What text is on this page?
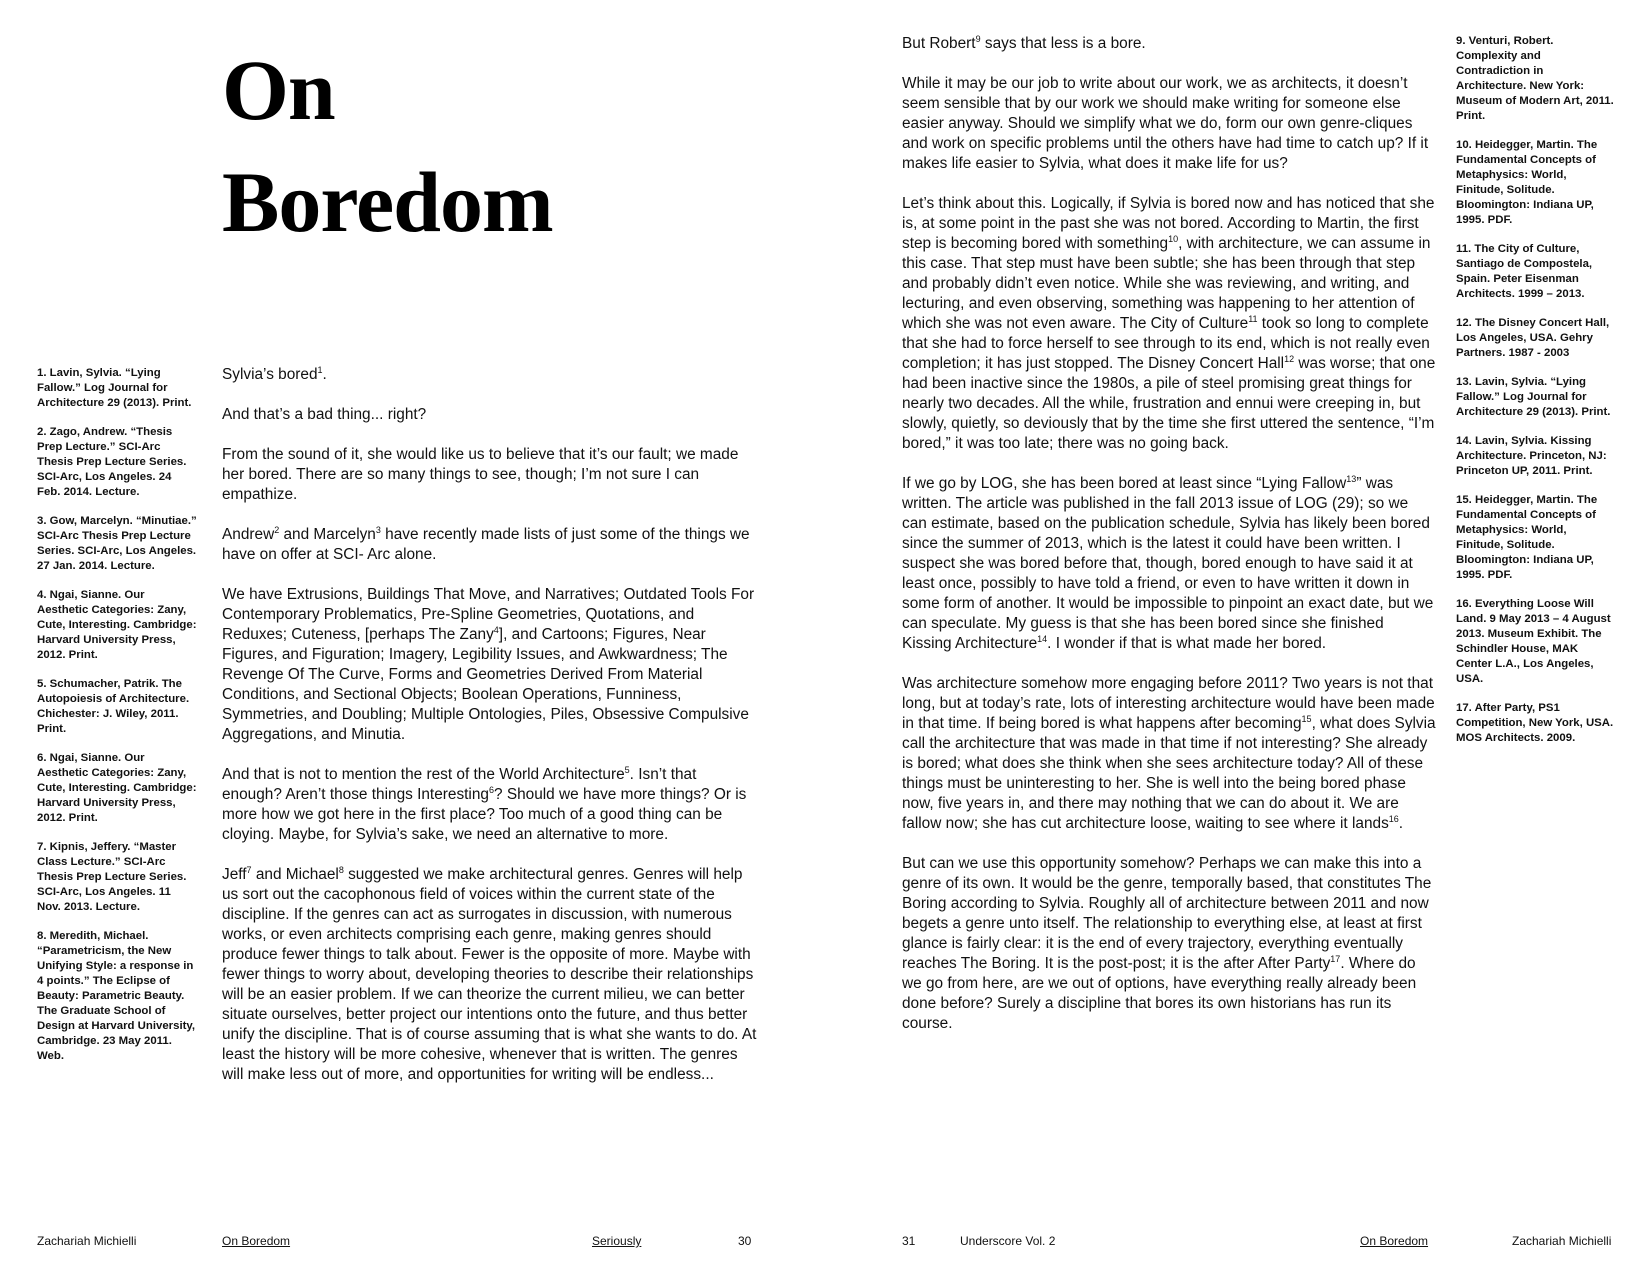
On
Boredom

1. Lavin, Sylvia. “Lying Fallow.” Log Journal for Architecture 29 (2013). Print.

2. Zago, Andrew. “Thesis Prep Lecture.” SCI-Arc Thesis Prep Lecture Series. SCI-Arc, Los Angeles. 24 Feb. 2014. Lecture.

3. Gow, Marcelyn. “Minutiae.” SCI-Arc Thesis Prep Lecture Series. SCI-Arc, Los Angeles. 27 Jan. 2014. Lecture.

4. Ngai, Sianne. Our Aesthetic Categories: Zany, Cute, Interesting. Cambridge: Harvard University Press, 2012. Print.

5. Schumacher, Patrik. The Autopoiesis of Architecture. Chichester: J. Wiley, 2011. Print.

6. Ngai, Sianne. Our Aesthetic Categories: Zany, Cute, Interesting. Cambridge: Harvard University Press, 2012. Print.

7. Kipnis, Jeffery. “Master Class Lecture.” SCI-Arc Thesis Prep Lecture Series. SCI-Arc, Los Angeles. 11 Nov. 2013. Lecture.

8. Meredith, Michael. “Parametricism, the New Unifying Style: a response in 4 points.” The Eclipse of Beauty: Parametric Beauty. The Graduate School of Design at Harvard University, Cambridge. 23 May 2011. Web.

Sylvia’s bored$^1$.

And that’s a bad thing... right?

From the sound of it, she would like us to believe that it’s our fault; we made her bored. There are so many things to see, though; I’m not sure I can empathize.

Andrew$^2$ and Marcelyn$^3$ have recently made lists of just some of the things we have on offer at SCI- Arc alone.

We have Extrusions, Buildings That Move, and Narratives; Outdated Tools For Contemporary Problematics, Pre-Spline Geometries, Quotations, and Reduxes; Cuteness, [perhaps The Zany$^4$], and Cartoons; Figures, Near Figures, and Figuration; Imagery, Legibility Issues, and Awkwardness; The Revenge Of The Curve, Forms and Geometries Derived From Material Conditions, and Sectional Objects; Boolean Operations, Funniness, Symmetries, and Doubling; Multiple Ontologies, Piles, Obsessive Compulsive Aggregations, and Minutia.

And that is not to mention the rest of the World Architecture$^5$. Isn’t that enough? Aren’t those things Interesting$^6$? Should we have more things? Or is more how we got here in the first place? Too much of a good thing can be cloying. Maybe, for Sylvia’s sake, we need an alternative to more.

Jeff$^7$ and Michael$^8$ suggested we make architectural genres. Genres will help us sort out the cacophonous field of voices within the current state of the discipline. If the genres can act as surrogates in discussion, with numerous works, or even architects comprising each genre, making genres should produce fewer things to talk about. Fewer is the opposite of more. Maybe with fewer things to worry about, developing theories to describe their relationships will be an easier problem. If we can theorize the current milieu, we can better situate ourselves, better project our intentions onto the future, and thus better unify the discipline. That is of course assuming that is what she wants to do. At least the history will be more cohesive, whenever that is written. The genres will make less out of more, and opportunities for writing will be endless...

But Robert$^9$ says that less is a bore.

While it may be our job to write about our work, we as architects, it doesn’t seem sensible that by our work we should make writing for someone else easier anyway. Should we simplify what we do, form our own genre-cliques and work on specific problems until the others have had time to catch up? If it makes life easier to Sylvia, what does it make life for us?

Let’s think about this. Logically, if Sylvia is bored now and has noticed that she is, at some point in the past she was not bored. According to Martin, the first step is becoming bored with something$^{10}$, with architecture, we can assume in this case. That step must have been subtle; she has been through that step and probably didn’t even notice. While she was reviewing, and writing, and lecturing, and even observing, something was happening to her attention of which she was not even aware. The City of Culture$^{11}$ took so long to complete that she had to force herself to see through to its end, which is not really even completion; it has just stopped. The Disney Concert Hall$^{12}$ was worse; that one had been inactive since the 1980s, a pile of steel promising great things for nearly two decades. All the while, frustration and ennui were creeping in, but slowly, quietly, so deviously that by the time she first uttered the sentence, “I’m bored,” it was too late; there was no going back.

If we go by LOG, she has been bored at least since “Lying Fallow$^{13}$” was written. The article was published in the fall 2013 issue of LOG (29); so we can estimate, based on the publication schedule, Sylvia has likely been bored since the summer of 2013, which is the latest it could have been written. I suspect she was bored before that, though, bored enough to have said it at least once, possibly to have told a friend, or even to have written it down in some form of another. It would be impossible to pinpoint an exact date, but we can speculate. My guess is that she has been bored since she finished Kissing Architecture$^{14}$. I wonder if that is what made her bored.

Was architecture somehow more engaging before 2011? Two years is not that long, but at today’s rate, lots of interesting architecture would have been made in that time. If being bored is what happens after becoming$^{15}$, what does Sylvia call the architecture that was made in that time if not interesting? She already is bored; what does she think when she sees architecture today? All of these things must be uninteresting to her. She is well into the being bored phase now, five years in, and there may nothing that we can do about it. We are fallow now; she has cut architecture loose, waiting to see where it lands$^{16}$.

But can we use this opportunity somehow? Perhaps we can make this into a genre of its own. It would be the genre, temporally based, that constitutes The Boring according to Sylvia. Roughly all of architecture between 2011 and now begets a genre unto itself. The relationship to everything else, at least at first glance is fairly clear: it is the end of every trajectory, everything eventually reaches The Boring. It is the post-post; it is the after After Party$^{17}$. Where do we go from here, are we out of options, have everything really already been done before? Surely a discipline that bores its own historians has run its course.

9. Venturi, Robert. Complexity and Contradiction in Architecture. New York: Museum of Modern Art, 2011. Print.

10. Heidegger, Martin. The Fundamental Concepts of Metaphysics: World, Finitude, Solitude. Bloomington: Indiana UP, 1995. PDF.

11. The City of Culture, Santiago de Compostela, Spain. Peter Eisenman Architects. 1999 – 2013.

12. The Disney Concert Hall, Los Angeles, USA. Gehry Partners. 1987 - 2003

13. Lavin, Sylvia. “Lying Fallow.” Log Journal for Architecture 29 (2013). Print.

14. Lavin, Sylvia. Kissing Architecture. Princeton, NJ: Princeton UP, 2011. Print.

15. Heidegger, Martin. The Fundamental Concepts of Metaphysics: World, Finitude, Solitude. Bloomington: Indiana UP, 1995. PDF.

16. Everything Loose Will Land. 9 May 2013 – 4 August 2013. Museum Exhibit. The Schindler House, MAK Center L.A., Los Angeles, USA.

17. After Party, PS1 Competition, New York, USA. MOS Architects. 2009.

Zachariah Michielli	On Boredom	Seriously	30	31	Underscore Vol. 2	On Boredom	Zachariah Michielli
